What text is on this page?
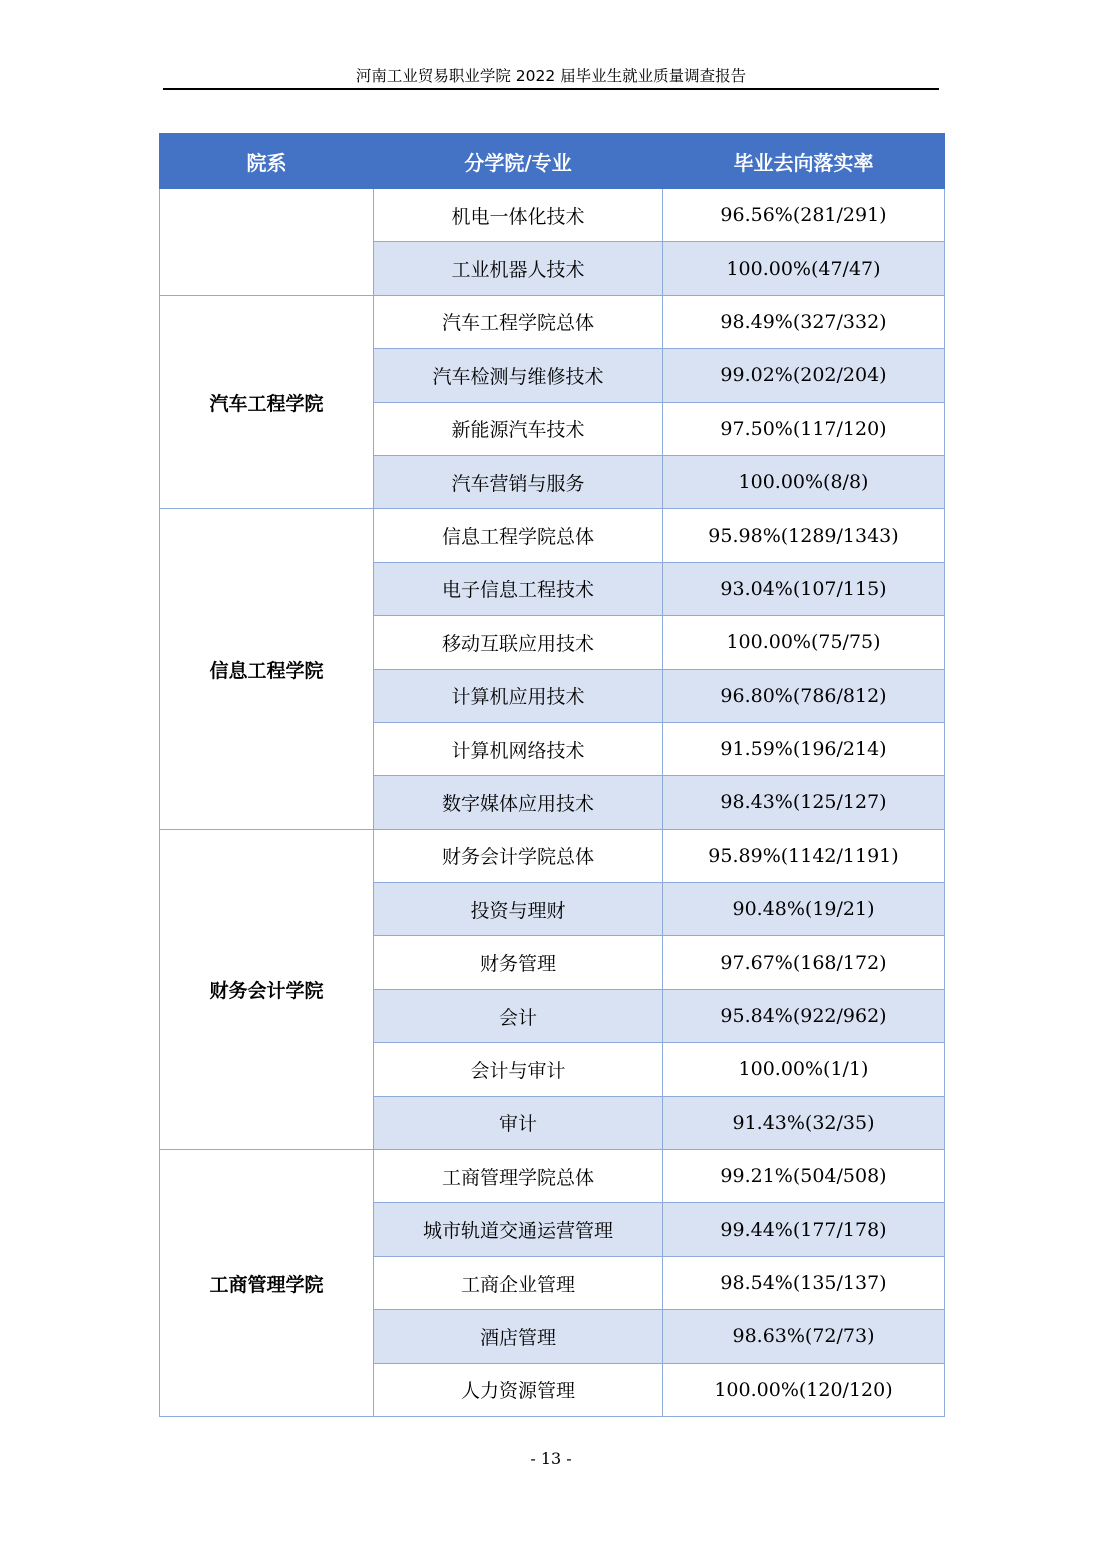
河南工业贸易职业学院 2022 届毕业生就业质量调查报告
院系	分学院/专业	毕业去向落实率
	机电一体化技术	96.56%(281/291)
	工业机器人技术	100.00%(47/47)
汽车工程学院	汽车工程学院总体	98.49%(327/332)
	汽车检测与维修技术	99.02%(202/204)
	新能源汽车技术	97.50%(117/120)
	汽车营销与服务	100.00%(8/8)
信息工程学院	信息工程学院总体	95.98%(1289/1343)
	电子信息工程技术	93.04%(107/115)
	移动互联应用技术	100.00%(75/75)
	计算机应用技术	96.80%(786/812)
	计算机网络技术	91.59%(196/214)
	数字媒体应用技术	98.43%(125/127)
财务会计学院	财务会计学院总体	95.89%(1142/1191)
	投资与理财	90.48%(19/21)
	财务管理	97.67%(168/172)
	会计	95.84%(922/962)
	会计与审计	100.00%(1/1)
	审计	91.43%(32/35)
工商管理学院	工商管理学院总体	99.21%(504/508)
	城市轨道交通运营管理	99.44%(177/178)
	工商企业管理	98.54%(135/137)
	酒店管理	98.63%(72/73)
	人力资源管理	100.00%(120/120)
- 13 -
